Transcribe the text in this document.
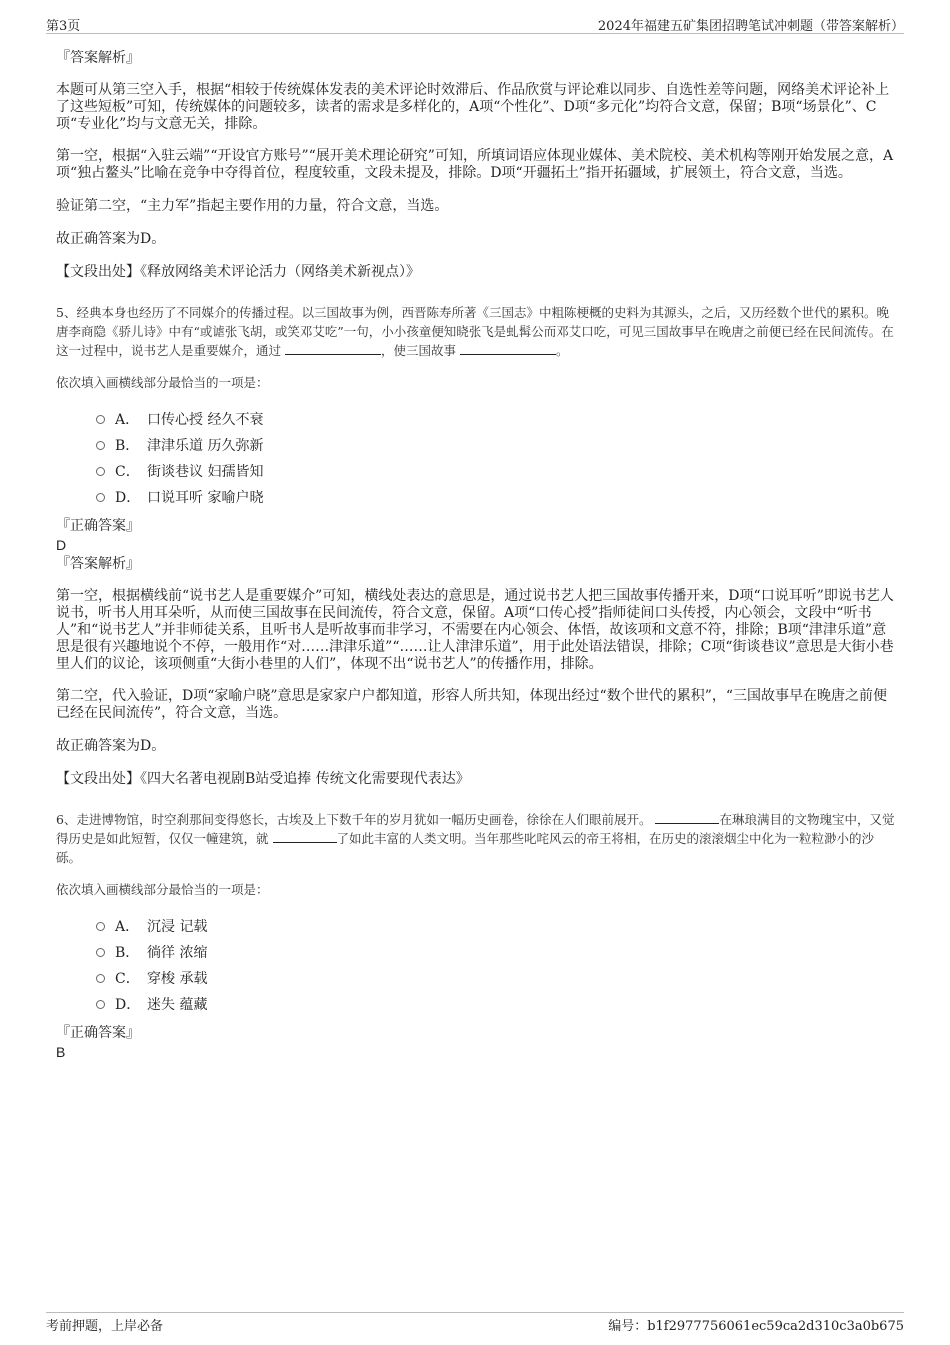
第3页	2024年福建五矿集团招聘笔试冲刺题（带答案解析）
『答案解析』

本题可从第三空入手，根据“相较于传统媒体发表的美术评论时效滞后、作品欣赏与评论难以同步、自选性差等问题，网络美术评论补上了这些短板”可知，传统媒体的问题较多，读者的需求是多样化的，A项“个性化”、D项“多元化”均符合文意，保留；B项“场景化”、C项“专业化”均与文意无关，排除。

第一空，根据“入驻云端”“开设官方账号”“展开美术理论研究”可知，所填词语应体现业媒体、美术院校、美术机构等刚开始发展之意，A项“独占鳌头”比喻在竞争中夺得首位，程度较重，文段未提及，排除。D项“开疆拓土”指开拓疆域，扩展领土，符合文意，当选。

验证第二空，“主力军”指起主要作用的力量，符合文意，当选。

故正确答案为D。

【文段出处】《释放网络美术评论活力（网络美术新视点）》

5、经典本身也经历了不同媒介的传播过程。以三国故事为例，西晋陈寿所著《三国志》中粗陈梗概的史料为其源头，之后，又历经数个世代的累积。晚唐李商隐《骄儿诗》中有“或谑张飞胡，或笑邓艾吃”一句，小小孩童便知晓张飞是虬髯公而邓艾口吃，可见三国故事早在晚唐之前便已经在民间流传。在这一过程中，说书艺人是重要媒介，通过	，使三国故事	。

依次填入画横线部分最恰当的一项是：
A． 口传心授 经久不衰
B． 津津乐道 历久弥新
C． 街谈巷议 妇孺皆知
D． 口说耳听 家喻户晓
『正确答案』
D
『答案解析』

第一空，根据横线前“说书艺人是重要媒介”可知，横线处表达的意思是，通过说书艺人把三国故事传播开来，D项“口说耳听”即说书艺人说书，听书人用耳朵听，从而使三国故事在民间流传，符合文意，保留。A项“口传心授”指师徒间口头传授，内心领会，文段中“听书人”和“说书艺人”并非师徒关系，且听书人是听故事而非学习，不需要在内心领会、体悟，故该项和文意不符，排除；B项“津津乐道”意思是很有兴趣地说个不停，一般用作“对……津津乐道”“……让人津津乐道”，用于此处语法错误，排除；C项“街谈巷议”意思是大街小巷里人们的议论，该项侧重“大街小巷里的人们”，体现不出“说书艺人”的传播作用，排除。

第二空，代入验证，D项“家喻户晓”意思是家家户户都知道，形容人所共知，体现出经过“数个世代的累积”，“三国故事早在晚唐之前便已经在民间流传”，符合文意，当选。

故正确答案为D。

【文段出处】《四大名著电视剧B站受追捧 传统文化需要现代表达》

6、走进博物馆，时空刹那间变得悠长，古埃及上下数千年的岁月犹如一幅历史画卷，徐徐在人们眼前展开。	在琳琅满目的文物瑰宝中，又觉得历史是如此短暂，仅仅一幢建筑，就	了如此丰富的人类文明。当年那些叱咤风云的帝王将相，在历史的滚滚烟尘中化为一粒粒渺小的沙砾。

依次填入画横线部分最恰当的一项是：
A． 沉浸 记载
B． 徜徉 浓缩
C． 穿梭 承载
D． 迷失 蕴藏
『正确答案』
B
考前押题，上岸必备	编号：b1f2977756061ec59ca2d310c3a0b675
